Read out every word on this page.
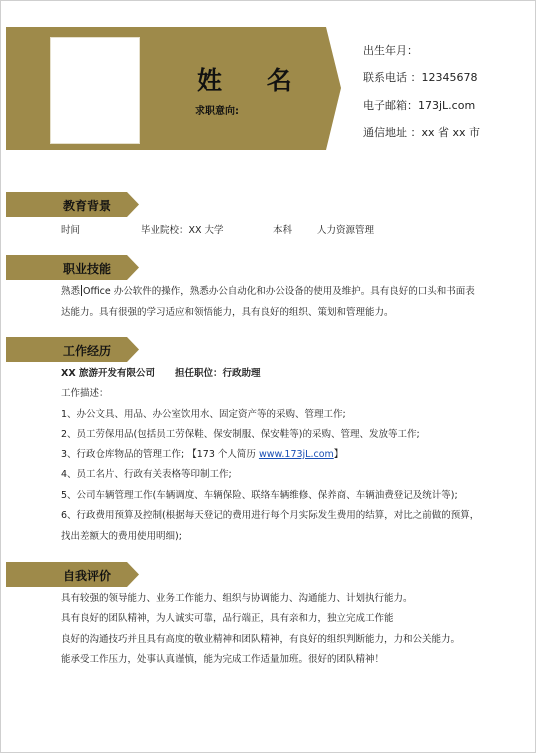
姓 名
求职意向:
出生年月：
联系电话 ：12345678
电子邮箱：173jL.com
通信地址 ：xx 省 xx 市
教育背景
时间	毕业院校：XX 大学	本科	人力资源管理
职业技能
熟悉 Office 办公软件的操作，熟悉办公自动化和办公设备的使用及维护。具有良好的口头和书面表
达能力。具有很强的学习适应和领悟能力，具有良好的组织、策划和管理能力。
工作经历
XX 旅游开发有限公司 担任职位：行政助理
工作描述：
1、办公文具、用品、办公室饮用水、固定资产等的采购、管理工作;
2、员工劳保用品(包括员工劳保鞋、保安制服、保安鞋等)的采购、管理、发放等工作;
3、行政仓库物品的管理工作; 【173 个人简历 www.173jL.com】
4、员工名片、行政有关表格等印制工作;
5、公司车辆管理工作(车辆调度、车辆保险、联络车辆维修、保养商、车辆油费登记及统计等);
6、行政费用预算及控制(根据每天登记的费用进行每个月实际发生费用的结算，对比之前做的预算，
找出差额大的费用使用明细);
自我评价
具有较强的领导能力、业务工作能力、组织与协调能力、沟通能力、计划执行能力。
具有良好的团队精神，为人诚实可靠，品行端正，具有亲和力，独立完成工作能
良好的沟通技巧并且具有高度的敬业精神和团队精神，有良好的组织判断能力，力和公关能力。
能承受工作压力，处事认真谨慎，能为完成工作适量加班。很好的团队精神！
